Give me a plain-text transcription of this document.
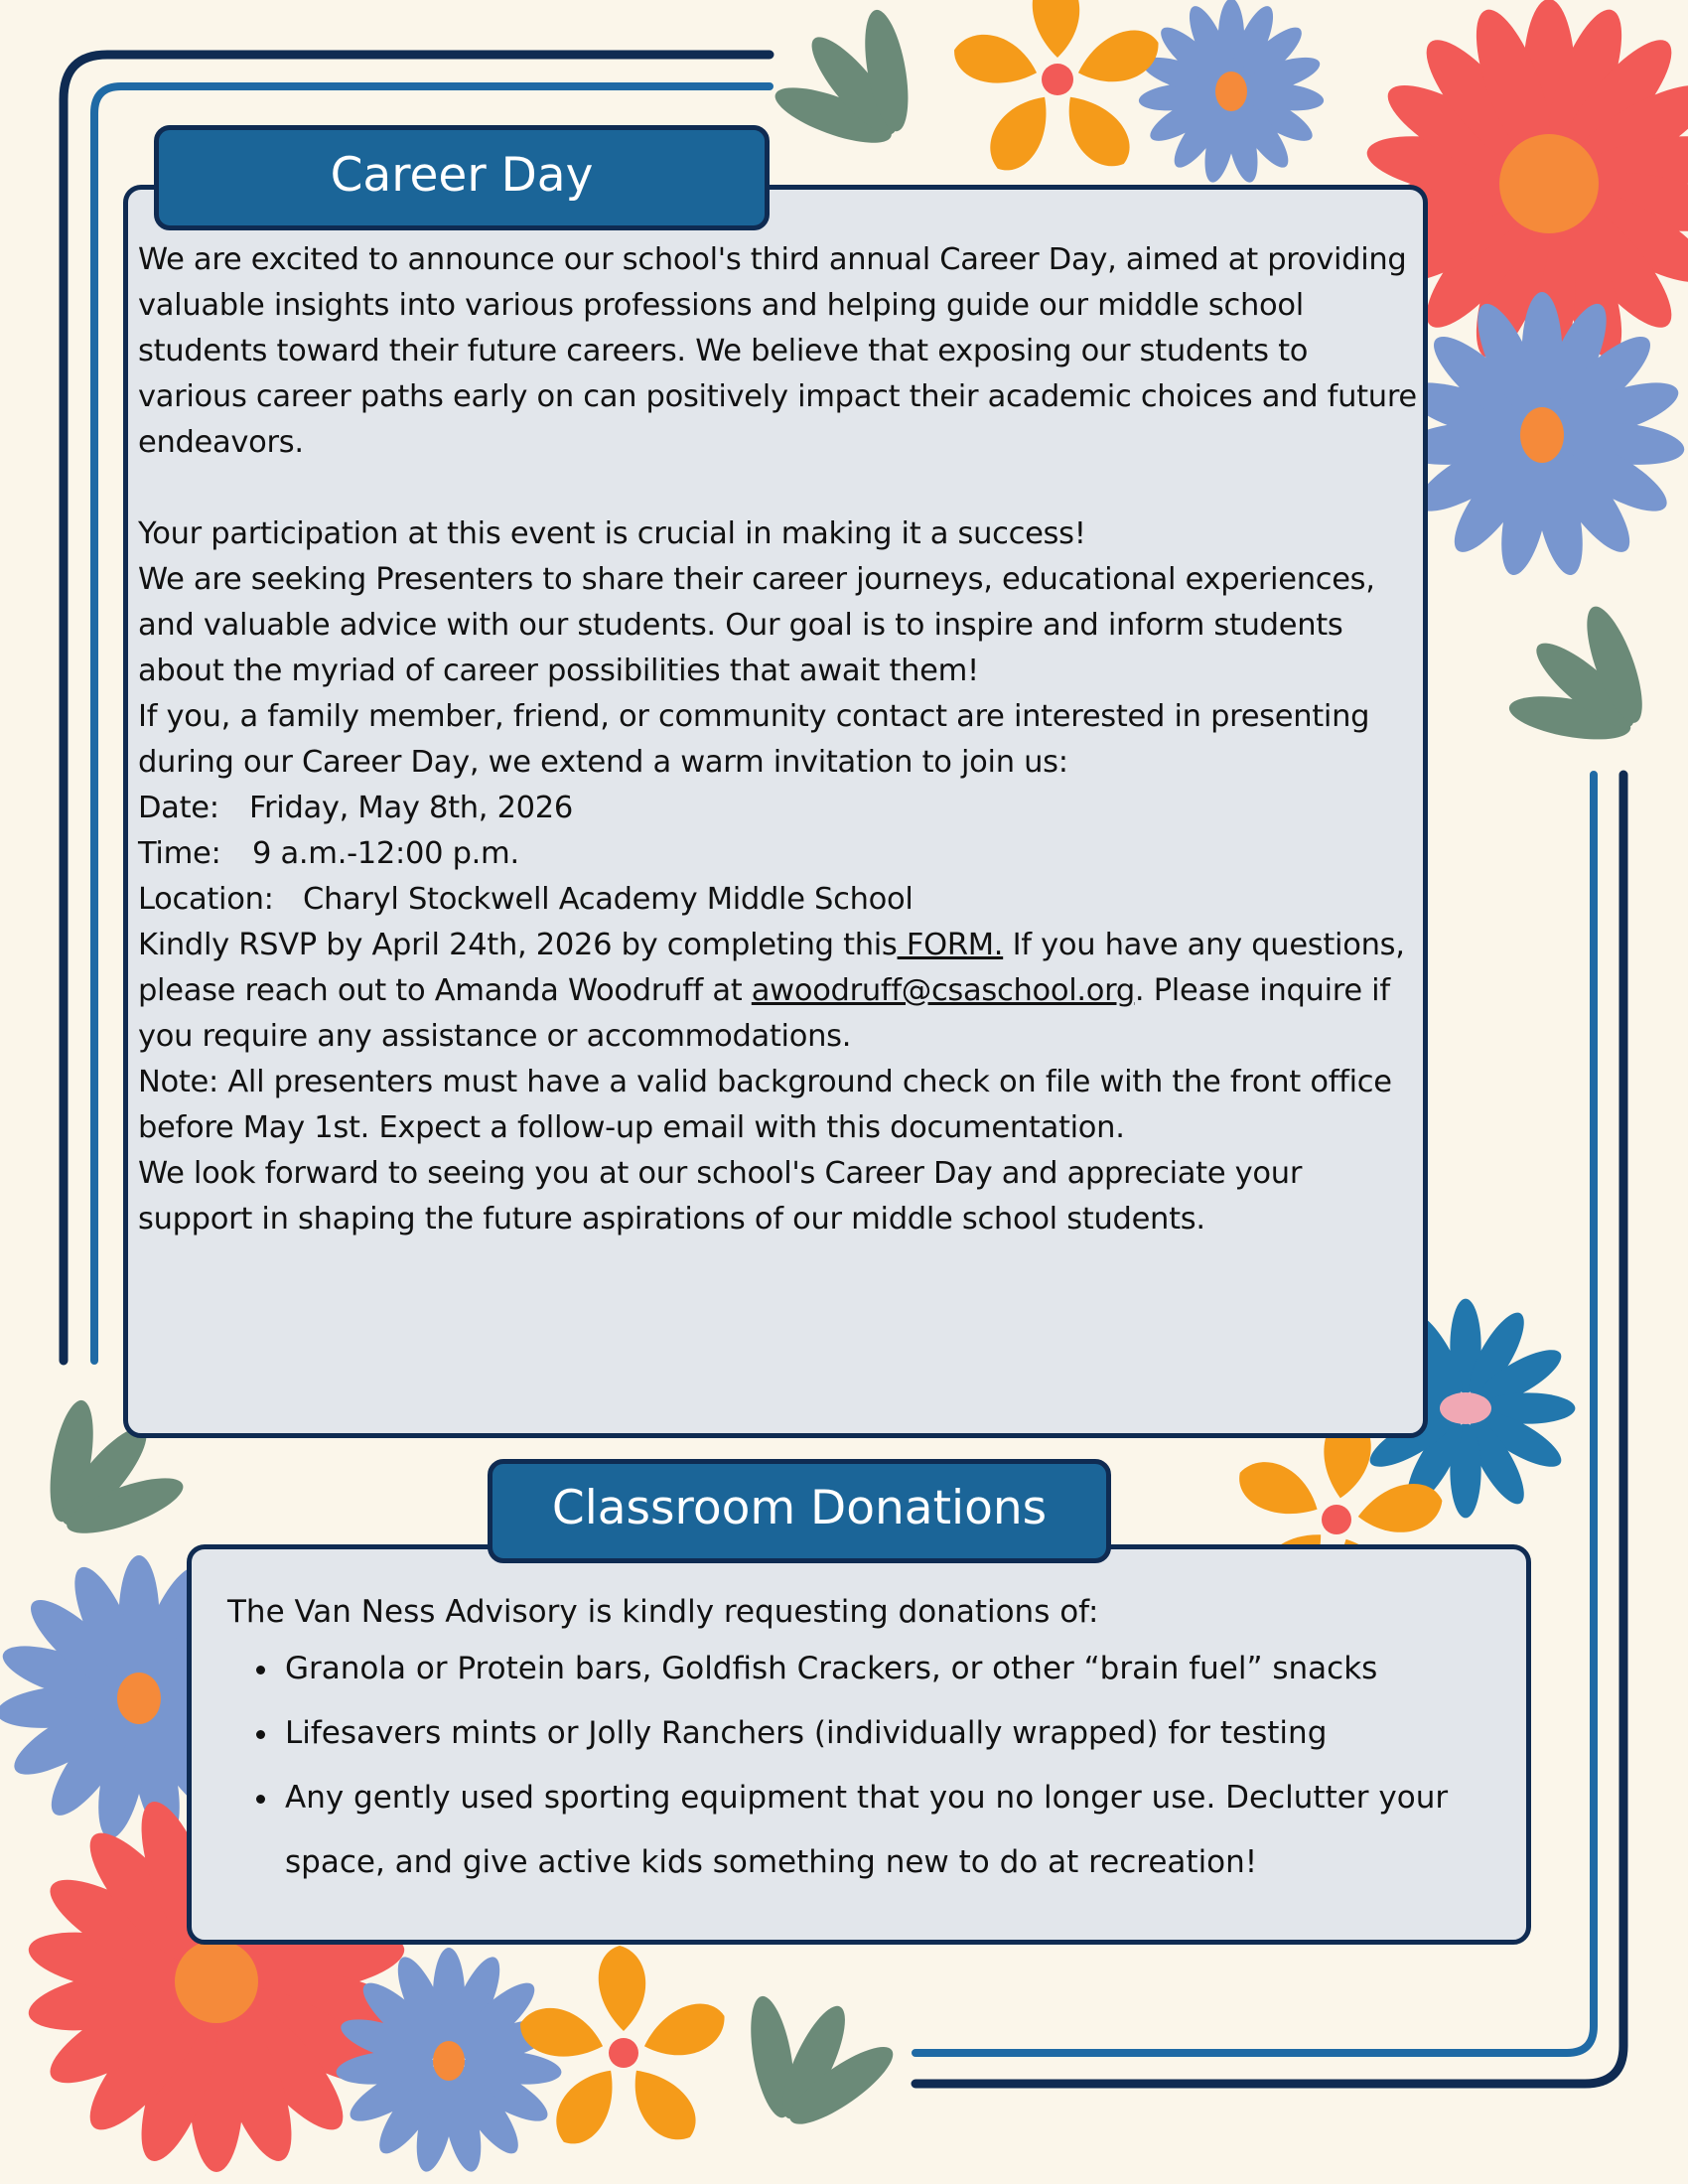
We are excited to announce our school's third annual Career Day, aimed at providing valuable insights into various professions and helping guide our middle school students toward their future careers. We believe that exposing our students to various career paths early on can positively impact their academic choices and future endeavors.

Your participation at this event is crucial in making it a success!

We are seeking Presenters to share their career journeys, educational experiences, and valuable advice with our students. Our goal is to inspire and inform students about the myriad of career possibilities that await them!

If you, a family member, friend, or community contact are interested in presenting during our Career Day, we extend a warm invitation to join us:

Date: Friday, May 8th, 2026

Time: 9 a.m.-12:00 p.m.

Location: Charyl Stockwell Academy Middle School

Kindly RSVP by April 24th, 2026 by completing this FORM. If you have any questions, please reach out to Amanda Woodruff at awoodruff@csaschool.org. Please inquire if you require any assistance or accommodations.

Note: All presenters must have a valid background check on file with the front office before May 1st. Expect a follow-up email with this documentation.

We look forward to seeing you at our school's Career Day and appreciate your support in shaping the future aspirations of our middle school students.

Career Day

The Van Ness Advisory is kindly requesting donations of:

• Granola or Protein bars, Goldfish Crackers, or other “brain fuel” snacks
• Lifesavers mints or Jolly Ranchers (individually wrapped) for testing
• Any gently used sporting equipment that you no longer use. Declutter your space, and give active kids something new to do at recreation!
Classroom Donations
